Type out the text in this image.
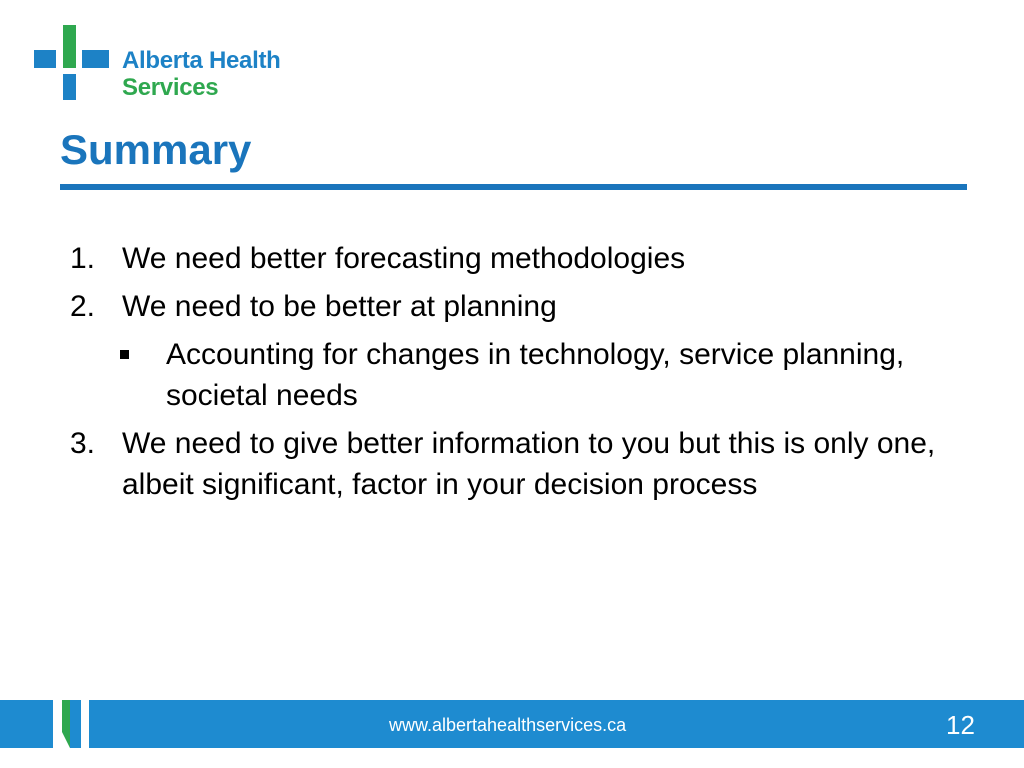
Alberta Health
Services
Summary

1. We need better forecasting methodologies

2. We need to be better at planning

Accounting for changes in technology, service planning, societal needs

3. We need to give better information to you but this is only one, albeit significant, factor in your decision process

www.albertahealthservices.ca	12
